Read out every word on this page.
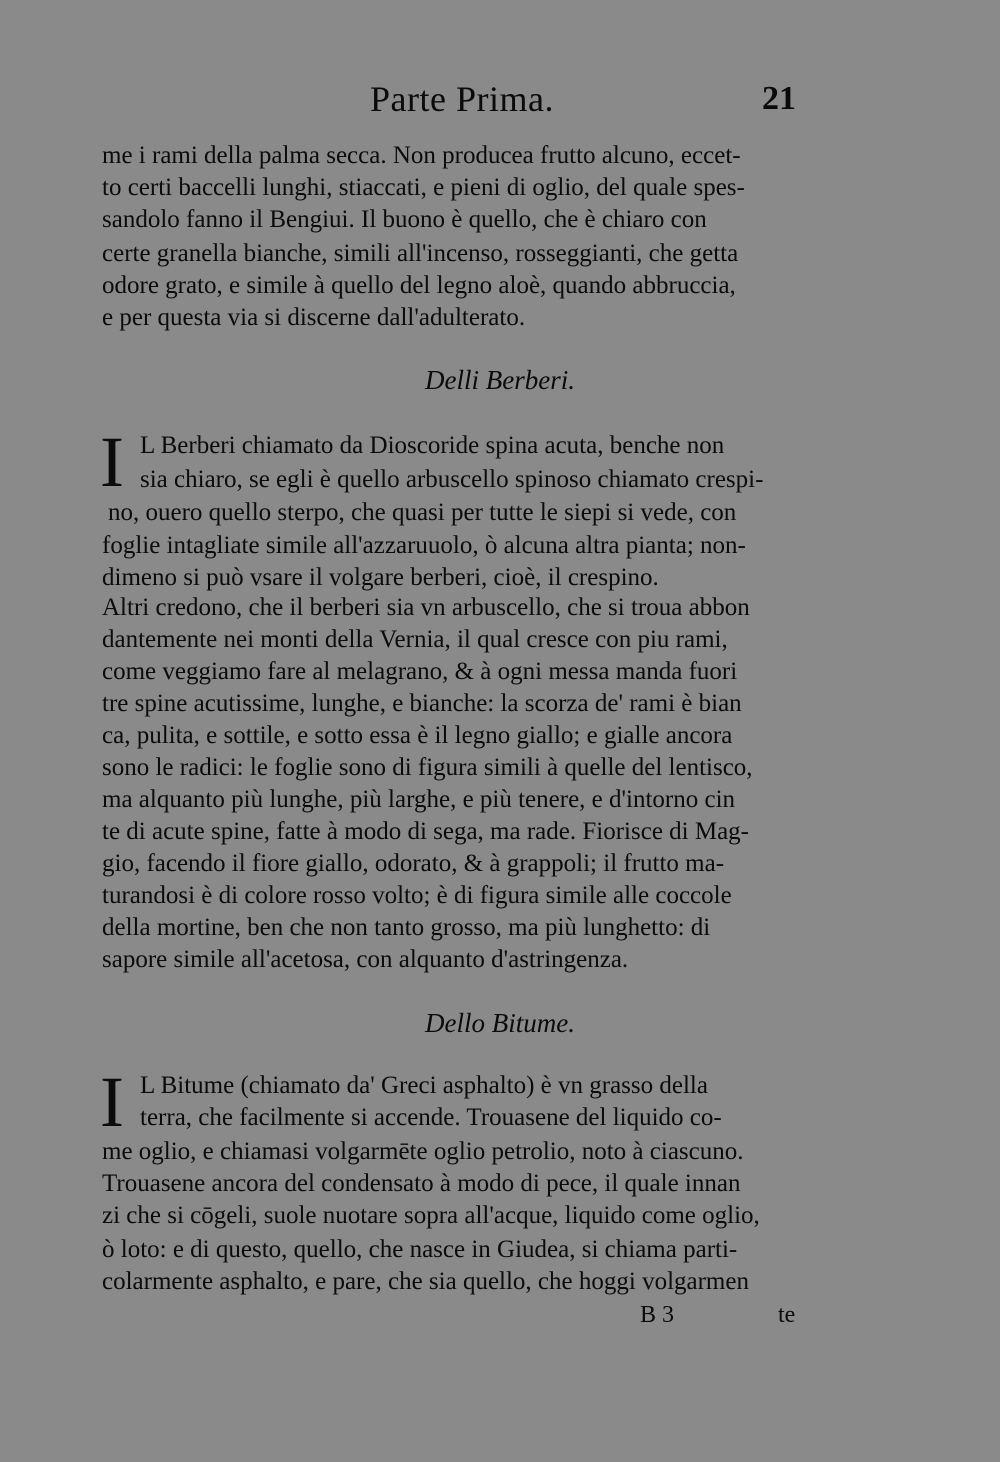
Parte Prima.	21
me i rami della palma secca. Non producea frutto alcuno, eccet-
to certi baccelli lunghi, stiaccati, e pieni di oglio, del quale spes-
sandolo fanno il Bengiui. Il buono è quello, che è chiaro con
certe granella bianche, simili all'incenso, rosseggianti, che getta
odore grato, e simile à quello del legno aloè, quando abbruccia,
e per questa via si discerne dall'adulterato.
Delli Berberi.
I L Berberi chiamato da Dioscoride spina acuta, benche non
sia chiaro, se egli è quello arbuscello spinoso chiamato crespi-
no, ouero quello sterpo, che quasi per tutte le siepi si vede, con
foglie intagliate simile all'azzaruuolo, ò alcuna altra pianta; non-
dimeno si può vsare il volgare berberi, cioè, il crespino.
Altri credono, che il berberi sia vn arbuscello, che si troua abbon
dantemente nei monti della Vernia, il qual cresce con piu rami,
come veggiamo fare al melagrano, & à ogni messa manda fuori
tre spine acutissime, lunghe, e bianche: la scorza de' rami è bian
ca, pulita, e sottile, e sotto essa è il legno giallo; e gialle ancora
sono le radici: le foglie sono di figura simili à quelle del lentisco,
ma alquanto più lunghe, più larghe, e più tenere, e d'intorno cin
te di acute spine, fatte à modo di sega, ma rade. Fiorisce di Mag-
gio, facendo il fiore giallo, odorato, & à grappoli; il frutto ma-
turandosi è di colore rosso volto; è di figura simile alle coccole
della mortine, ben che non tanto grosso, ma più lunghetto: di
sapore simile all'acetosa, con alquanto d'astringenza.
Dello Bitume.
I L Bitume (chiamato da' Greci asphalto) è vn grasso della
terra, che facilmente si accende. Trouasene del liquido co-
me oglio, e chiamasi volgarmēte oglio petrolio, noto à ciascuno.
Trouasene ancora del condensato à modo di pece, il quale innan
zi che si cōgeli, suole nuotare sopra all'acque, liquido come oglio,
ò loto: e di questo, quello, che nasce in Giudea, si chiama parti-
colarmente asphalto, e pare, che sia quello, che hoggi volgarmen
B 3	te
